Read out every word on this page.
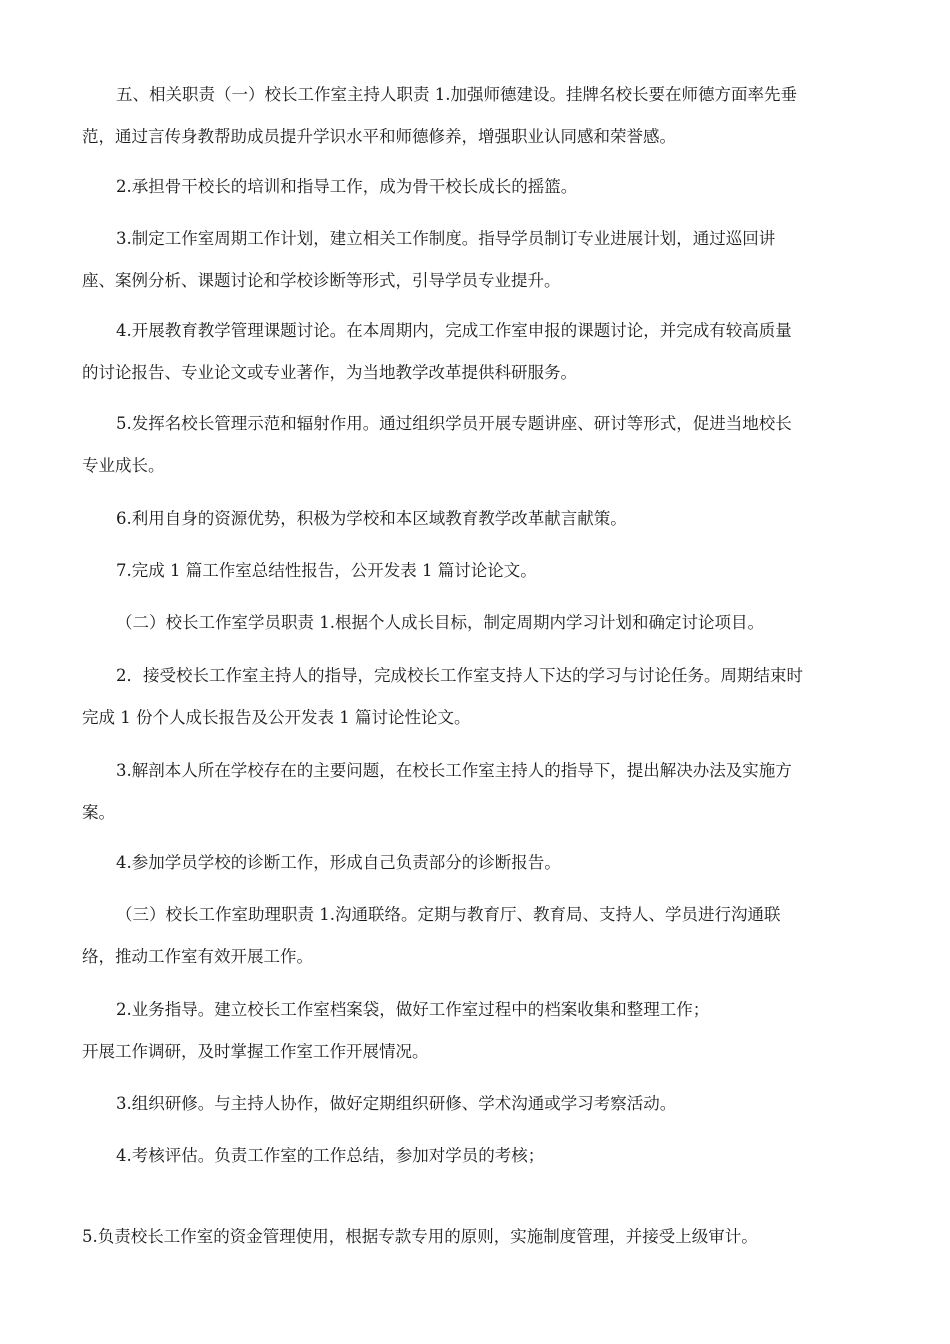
五、相关职责（一）校长工作室主持人职责 1.加强师德建设。挂牌名校长要在师德方面率先垂
范，通过言传身教帮助成员提升学识水平和师德修养，增强职业认同感和荣誉感。

2.承担骨干校长的培训和指导工作，成为骨干校长成长的摇篮。

3.制定工作室周期工作计划，建立相关工作制度。指导学员制订专业进展计划，通过巡回讲
座、案例分析、课题讨论和学校诊断等形式，引导学员专业提升。

4.开展教育教学管理课题讨论。在本周期内，完成工作室申报的课题讨论，并完成有较高质量
的讨论报告、专业论文或专业著作，为当地教学改革提供科研服务。

5.发挥名校长管理示范和辐射作用。通过组织学员开展专题讲座、研讨等形式，促进当地校长
专业成长。

6.利用自身的资源优势，积极为学校和本区域教育教学改革献言献策。

7.完成 1 篇工作室总结性报告，公开发表 1 篇讨论论文。

（二）校长工作室学员职责 1.根据个人成长目标，制定周期内学习计划和确定讨论项目。

2．接受校长工作室主持人的指导，完成校长工作室支持人下达的学习与讨论任务。周期结束时
完成 1 份个人成长报告及公开发表 1 篇讨论性论文。

3.解剖本人所在学校存在的主要问题，在校长工作室主持人的指导下，提出解决办法及实施方
案。

4.参加学员学校的诊断工作，形成自己负责部分的诊断报告。

（三）校长工作室助理职责 1.沟通联络。定期与教育厅、教育局、支持人、学员进行沟通联
络，推动工作室有效开展工作。

2.业务指导。建立校长工作室档案袋，做好工作室过程中的档案收集和整理工作；
开展工作调研，及时掌握工作室工作开展情况。

3.组织研修。与主持人协作，做好定期组织研修、学术沟通或学习考察活动。

4.考核评估。负责工作室的工作总结，参加对学员的考核；

5.负责校长工作室的资金管理使用，根据专款专用的原则，实施制度管理，并接受上级审计。
